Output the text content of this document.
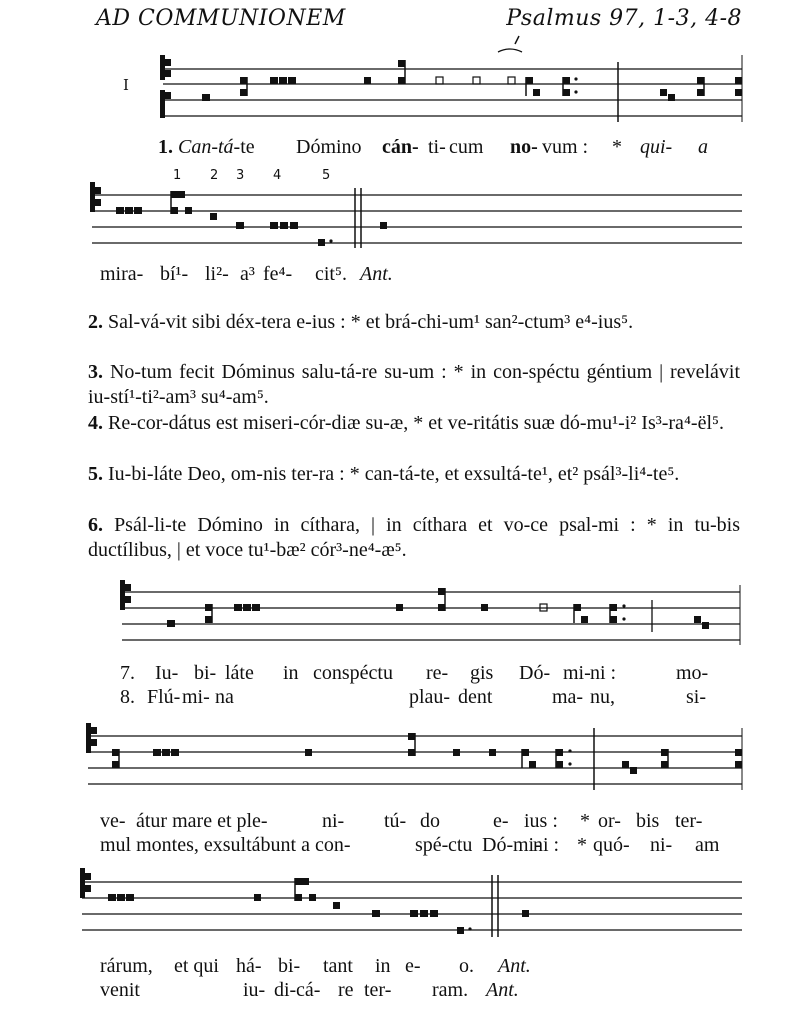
AD COMMUNIONEM	Psalmus 97, 1-3, 4-8
I
1. Can-tá-te Dómino cán- ti- cum no- vum : * qui- a
1 2 3 4	5
mira- bí¹- li²- a³ fe⁴- cit⁵. Ant.
2. Sal-vá-vit sibi déx-tera e-ius : * et brá-chi-um¹ san²-ctum³ e⁴-ius⁵.
3. No-tum fecit Dóminus salu-tá-re su-um : * in con-spéctu géntium | revelávit iu-stí¹-ti²-am³ su⁴-am⁵.
4. Re-cor-dátus est miseri-cór-diæ su-æ, * et ve-ritátis suæ dó-mu¹-i² Is³-ra⁴-ël⁵.
5. Iu-bi-láte Deo, om-nis ter-ra : * can-tá-te, et exsultá-te¹, et² psál³-li⁴-te⁵.
6. Psál-li-te Dómino in cíthara, | in cíthara et vo-ce psal-mi : * in tu-bis ductílibus, | et voce tu¹-bæ² cór³-ne⁴-æ⁵.
7. Iu- bi- láte in conspéctu re- gis Dó- mi- ni :	mo-
8. Flú- mi- na	plau- dent	ma- nu,	si-
ve- átur mare et ple-	ni- tú- do	e- ius : * or- bis ter-
mul montes, exsultábunt a con-	spé- ctu Dó- mi-
ni : * quó- ni- am
rárum, et qui há- bi- tant in e- o. Ant.
venit	iu- di- cá- re ter- ram. Ant.
